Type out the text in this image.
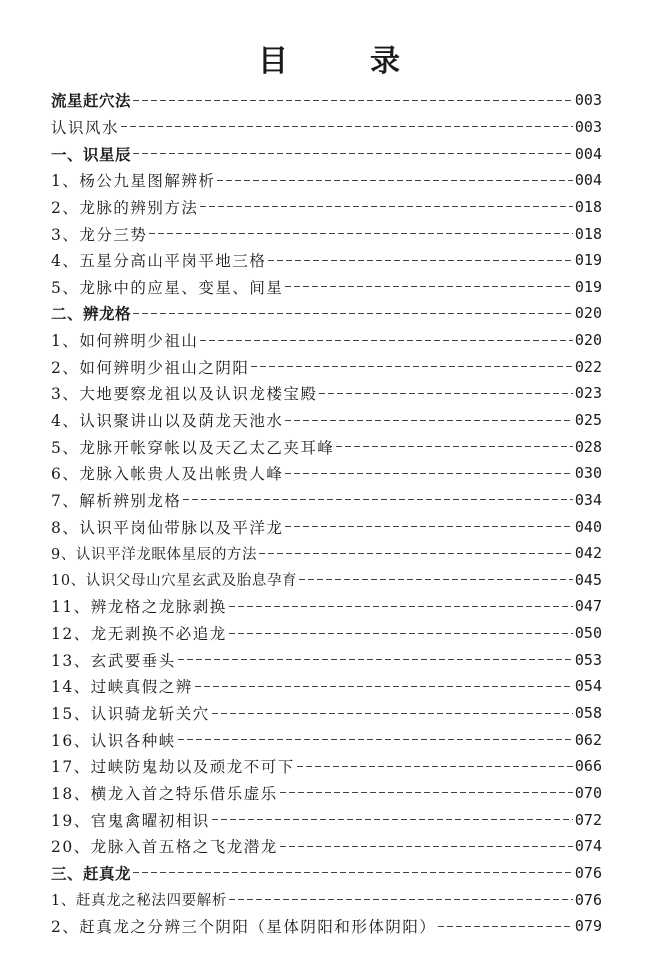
目　录
流星赶穴法	003
认识风水	003
一、识星辰	004
1、杨公九星图解辨析	004
2、龙脉的辨别方法	018
3、龙分三势	018
4、五星分高山平岗平地三格	019
5、龙脉中的应星、变星、间星	019
二、辨龙格	020
1、如何辨明少祖山	020
2、如何辨明少祖山之阴阳	022
3、大地要察龙祖以及认识龙楼宝殿	023
4、认识聚讲山以及荫龙天池水	025
5、龙脉开帐穿帐以及天乙太乙夹耳峰	028
6、龙脉入帐贵人及出帐贵人峰	030
7、解析辨别龙格	034
8、认识平岗仙带脉以及平洋龙	040
9、认识平洋龙眠体星辰的方法	042
10、认识父母山穴星玄武及胎息孕育	045
11、辨龙格之龙脉剥换	047
12、龙无剥换不必追龙	050
13、玄武要垂头	053
14、过峡真假之辨	054
15、认识骑龙斩关穴	058
16、认识各种峡	062
17、过峡防鬼劫以及顽龙不可下	066
18、横龙入首之特乐借乐虚乐	070
19、官鬼禽曜初相识	072
20、龙脉入首五格之飞龙潜龙	074
三、赶真龙	076
1、赶真龙之秘法四要解析	076
2、赶真龙之分辨三个阴阳（星体阴阳和形体阴阳）	079
